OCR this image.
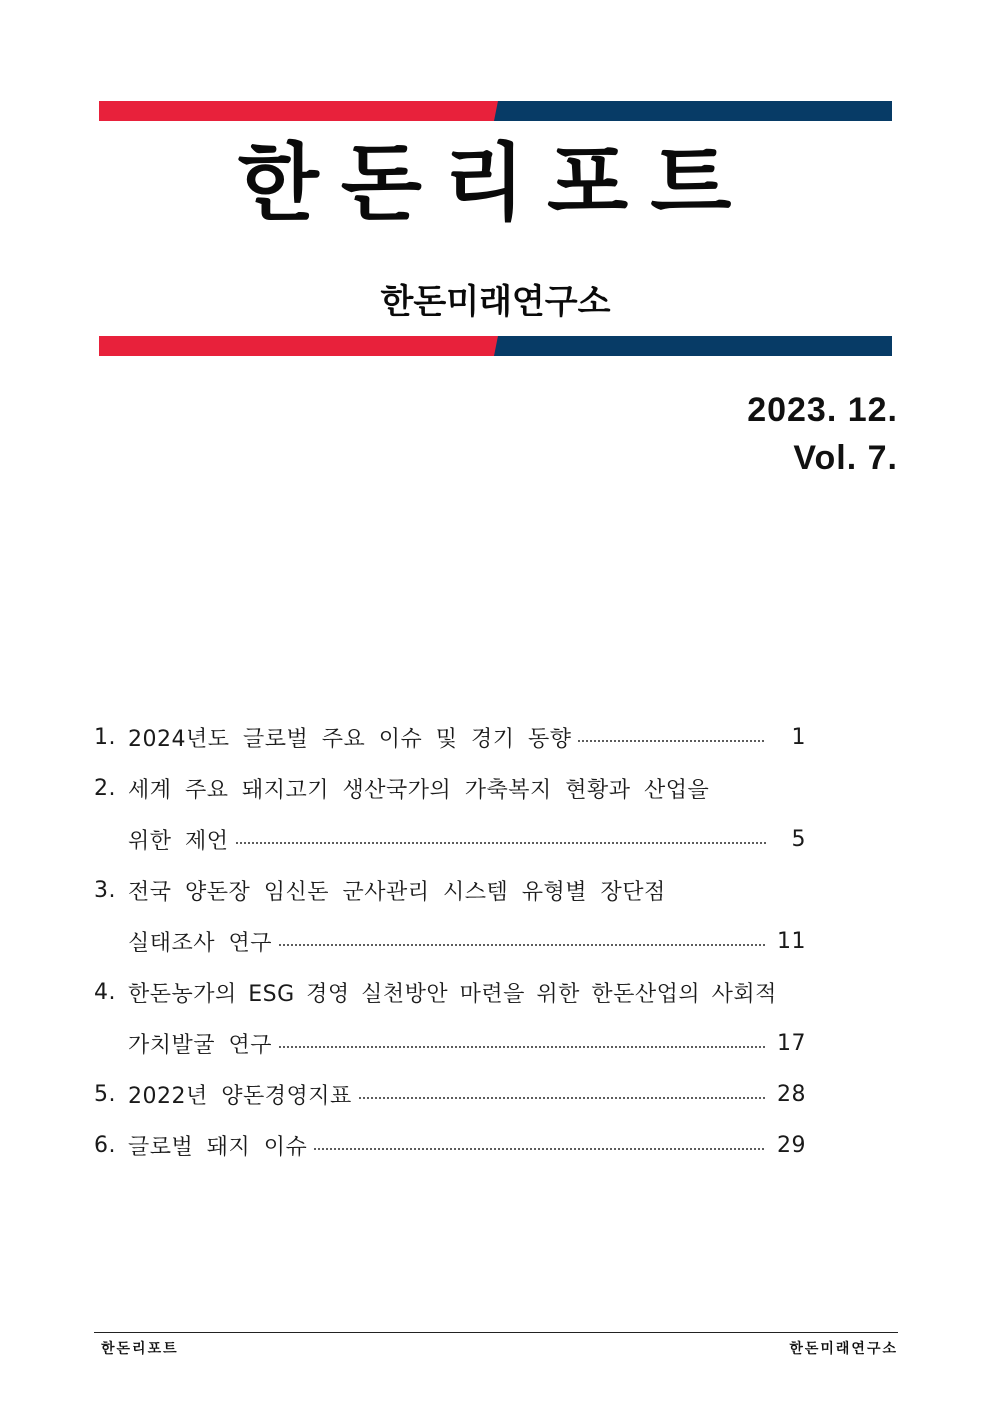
한돈리포트
한돈미래연구소
2023. 12.
Vol. 7.
1. 2024년도 글로벌 주요 이슈 및 경기 동향	1
2. 세계 주요 돼지고기 생산국가의 가축복지 현황과 산업을
위한 제언	5
3. 전국 양돈장 임신돈 군사관리 시스템 유형별 장단점
실태조사 연구	11
4. 한돈농가의 ESG 경영 실천방안 마련을 위한 한돈산업의 사회적
가치발굴 연구	17
5. 2022년 양돈경영지표	28
6. 글로벌 돼지 이슈	29
한돈리포트	한돈미래연구소
